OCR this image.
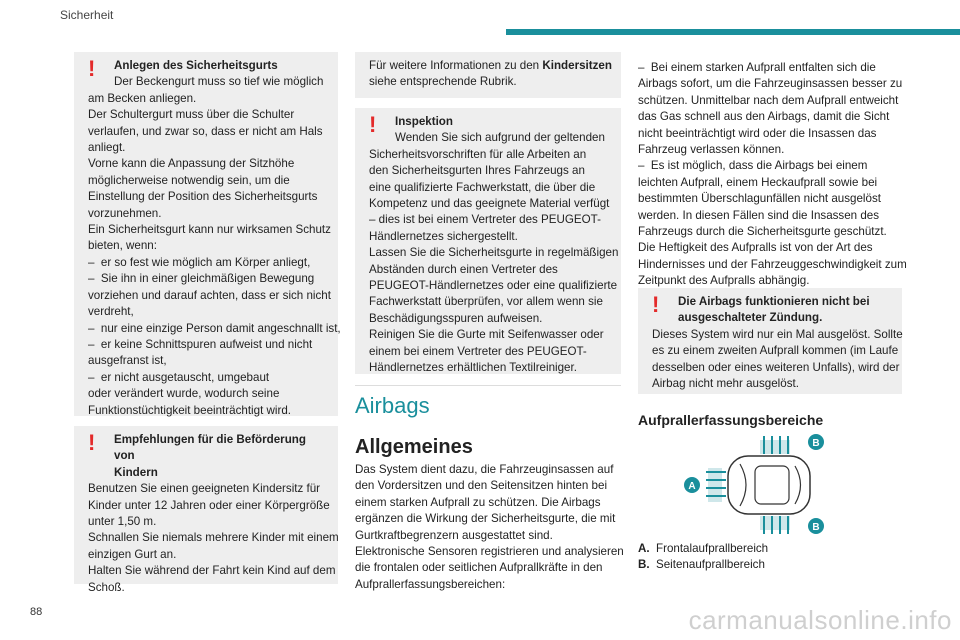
Sicherheit
!	Anlegen des Sicherheitsgurts
Der Beckengurt muss so tief wie möglich
am Becken anliegen.
Der Schultergurt muss über die Schulter
verlaufen, und zwar so, dass er nicht am Hals
anliegt.
Vorne kann die Anpassung der Sitzhöhe
möglicherweise notwendig sein, um die
Einstellung der Position des Sicherheitsgurts
vorzunehmen.
Ein Sicherheitsgurt kann nur wirksamen Schutz
bieten, wenn:
–  er so fest wie möglich am Körper anliegt,
–  Sie ihn in einer gleichmäßigen Bewegung
vorziehen und darauf achten, dass er sich nicht
verdreht,
–  nur eine einzige Person damit angeschnallt ist,
–  er keine Schnittspuren aufweist und nicht
ausgefranst ist,
–  er nicht ausgetauscht, umgebaut
oder verändert wurde, wodurch seine
Funktionstüchtigkeit beeinträchtigt wird.
!	Empfehlungen für die Beförderung von
Kindern
Benutzen Sie einen geeigneten Kindersitz für
Kinder unter 12 Jahren oder einer Körpergröße
unter 1,50 m.
Schnallen Sie niemals mehrere Kinder mit einem
einzigen Gurt an.
Halten Sie während der Fahrt kein Kind auf dem
Schoß.
Für weitere Informationen zu den Kindersitzen
siehe entsprechende Rubrik.
!	Inspektion
Wenden Sie sich aufgrund der geltenden
Sicherheitsvorschriften für alle Arbeiten an
den Sicherheitsgurten Ihres Fahrzeugs an
eine qualifizierte Fachwerkstatt, die über die
Kompetenz und das geeignete Material verfügt
– dies ist bei einem Vertreter des PEUGEOT-
Händlernetzes sichergestellt.
Lassen Sie die Sicherheitsgurte in regelmäßigen
Abständen durch einen Vertreter des
PEUGEOT-Händlernetzes oder eine qualifizierte
Fachwerkstatt überprüfen, vor allem wenn sie
Beschädigungsspuren aufweisen.
Reinigen Sie die Gurte mit Seifenwasser oder
einem bei einem Vertreter des PEUGEOT-
Händlernetzes erhältlichen Textilreiniger.
Airbags
Allgemeines
Das System dient dazu, die Fahrzeuginsassen auf
den Vordersitzen und den Seitensitzen hinten bei
einem starken Aufprall zu schützen. Die Airbags
ergänzen die Wirkung der Sicherheitsgurte, die mit
Gurtkraftbegrenzern ausgestattet sind.
Elektronische Sensoren registrieren und analysieren
die frontalen oder seitlichen Aufprallkräfte in den
Aufprallerfassungsbereichen:
–  Bei einem starken Aufprall entfalten sich die
Airbags sofort, um die Fahrzeuginsassen besser zu
schützen. Unmittelbar nach dem Aufprall entweicht
das Gas schnell aus den Airbags, damit die Sicht
nicht beeinträchtigt wird oder die Insassen das
Fahrzeug verlassen können.
–  Es ist möglich, dass die Airbags bei einem
leichten Aufprall, einem Heckaufprall sowie bei
bestimmten Überschlagunfällen nicht ausgelöst
werden. In diesen Fällen sind die Insassen des
Fahrzeugs durch die Sicherheitsgurte geschützt.
Die Heftigkeit des Aufpralls ist von der Art des
Hindernisses und der Fahrzeuggeschwindigkeit zum
Zeitpunkt des Aufpralls abhängig.
!	Die Airbags funktionieren nicht bei
ausgeschalteter Zündung.
Dieses System wird nur ein Mal ausgelöst. Sollte
es zu einem zweiten Aufprall kommen (im Laufe
desselben oder eines weiteren Unfalls), wird der
Airbag nicht mehr ausgelöst.
Aufprallerfassungsbereiche
A
B
B
A. Frontalaufprallbereich
B. Seitenaufprallbereich
88	carmanualsonline.info
